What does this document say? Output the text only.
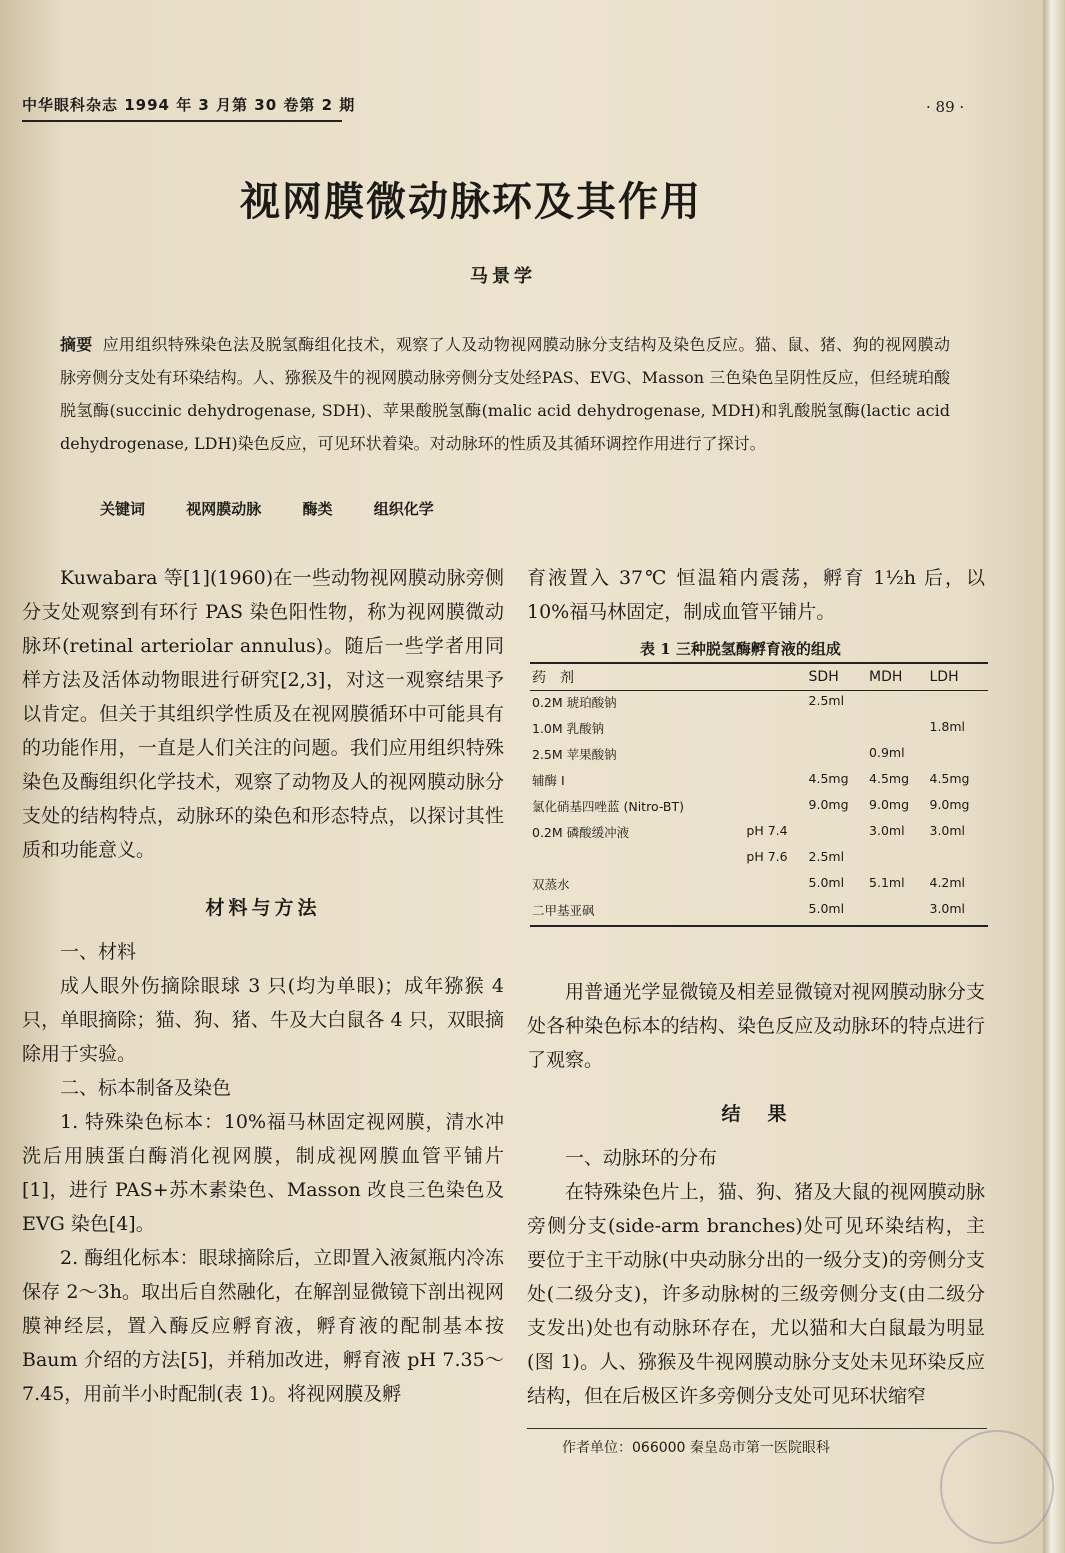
中华眼科杂志 1994 年 3 月第 30 卷第 2 期	· 89 ·
视网膜微动脉环及其作用
马景学
摘要 应用组织特殊染色法及脱氢酶组化技术，观察了人及动物视网膜动脉分支结构及染色反应。猫、鼠、猪、狗的视网膜动脉旁侧分支处有环染结构。人、猕猴及牛的视网膜动脉旁侧分支处经PAS、EVG、Masson 三色染色呈阴性反应，但经琥珀酸脱氢酶(succinic dehydrogenase, SDH)、苹果酸脱氢酶(malic acid dehydrogenase, MDH)和乳酸脱氢酶(lactic acid dehydrogenase, LDH)染色反应，可见环状着染。对动脉环的性质及其循环调控作用进行了探讨。
关键词	视网膜动脉	酶类	组织化学

Kuwabara 等[1](1960)在一些动物视网膜动脉旁侧分支处观察到有环行 PAS 染色阳性物，称为视网膜微动脉环(retinal arteriolar annulus)。随后一些学者用同样方法及活体动物眼进行研究[2,3]，对这一观察结果予以肯定。但关于其组织学性质及在视网膜循环中可能具有的功能作用，一直是人们关注的问题。我们应用组织特殊染色及酶组织化学技术，观察了动物及人的视网膜动脉分支处的结构特点，动脉环的染色和形态特点，以探讨其性质和功能意义。

材料与方法

一、材料

成人眼外伤摘除眼球 3 只(均为单眼)；成年猕猴 4 只，单眼摘除；猫、狗、猪、牛及大白鼠各 4 只，双眼摘除用于实验。

二、标本制备及染色

1. 特殊染色标本：10%福马林固定视网膜，清水冲洗后用胰蛋白酶消化视网膜，制成视网膜血管平铺片[1]，进行 PAS+苏木素染色、Masson 改良三色染色及 EVG 染色[4]。

2. 酶组化标本：眼球摘除后，立即置入液氮瓶内冷冻保存 2～3h。取出后自然融化，在解剖显微镜下剖出视网膜神经层，置入酶反应孵育液，孵育液的配制基本按 Baum 介绍的方法[5]，并稍加改进，孵育液 pH 7.35～7.45，用前半小时配制(表 1)。将视网膜及孵

育液置入 37℃ 恒温箱内震荡，孵育 1½h 后，以 10%福马林固定，制成血管平铺片。

表 1 三种脱氢酶孵育液的组成
药　剂		SDH	MDH	LDH
0.2M 琥珀酸钠		2.5ml		
1.0M 乳酸钠				1.8ml
2.5M 苹果酸钠			0.9ml	
辅酶 I		4.5mg	4.5mg	4.5mg
氯化硝基四唑蓝 (Nitro-BT)		9.0mg	9.0mg	9.0mg
0.2M 磷酸缓冲液	pH 7.4		3.0ml	3.0ml
	pH 7.6	2.5ml		
双蒸水		5.0ml	5.1ml	4.2ml
二甲基亚砜		5.0ml		3.0ml

用普通光学显微镜及相差显微镜对视网膜动脉分支处各种染色标本的结构、染色反应及动脉环的特点进行了观察。

结　果

一、动脉环的分布

在特殊染色片上，猫、狗、猪及大鼠的视网膜动脉旁侧分支(side-arm branches)处可见环染结构，主要位于主干动脉(中央动脉分出的一级分支)的旁侧分支处(二级分支)，许多动脉树的三级旁侧分支(由二级分支发出)处也有动脉环存在，尤以猫和大白鼠最为明显(图 1)。人、猕猴及牛视网膜动脉分支处未见环染反应结构，但在后极区许多旁侧分支处可见环状缩窄

作者单位：066000 秦皇岛市第一医院眼科
